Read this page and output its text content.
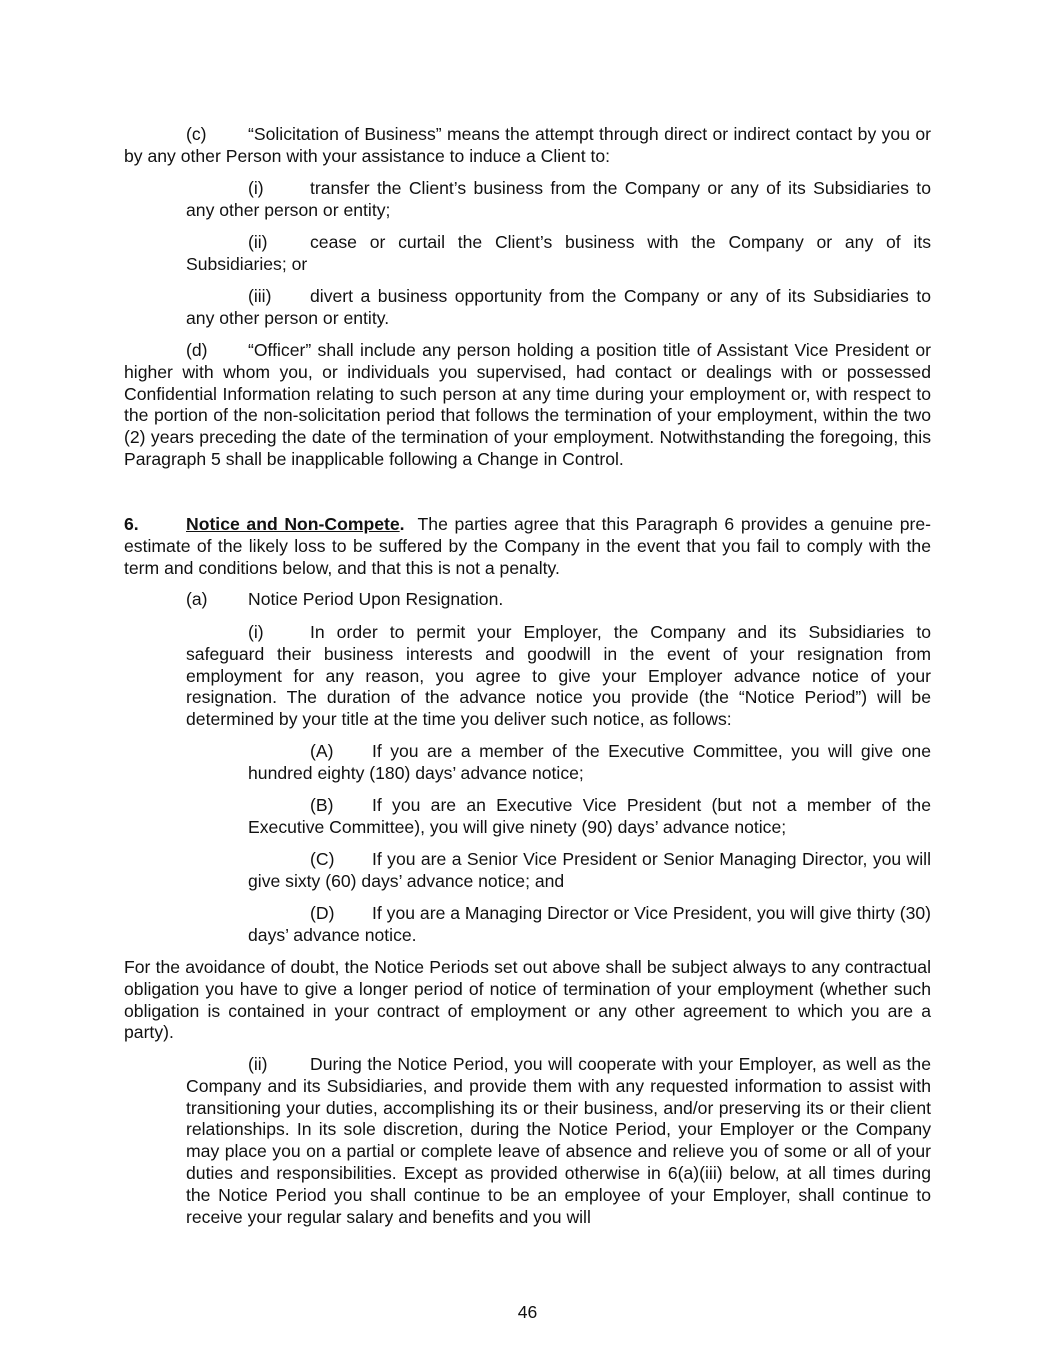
(c) “Solicitation of Business” means the attempt through direct or indirect contact by you or by any other Person with your assistance to induce a Client to:

(i)	transfer the Client’s business from the Company or any of its Subsidiaries to any other person or entity;

(ii) cease or curtail the Client’s business with the Company or any of its Subsidiaries; or

(iii) divert a business opportunity from the Company or any of its Subsidiaries to any other person or entity.

(d) “Officer” shall include any person holding a position title of Assistant Vice President or higher with whom you, or individuals you supervised, had contact or dealings with or possessed Confidential Information relating to such person at any time during your employment or, with respect to the portion of the non-solicitation period that follows the termination of your employment, within the two (2) years preceding the date of the termination of your employment. Notwithstanding the foregoing, this Paragraph 5 shall be inapplicable following a Change in Control.

6.	Notice and Non-Compete. The parties agree that this Paragraph 6 provides a genuine pre-estimate of the likely loss to be suffered by the Company in the event that you fail to comply with the term and conditions below, and that this is not a penalty.

(a) Notice Period Upon Resignation.

(i)	In order to permit your Employer, the Company and its Subsidiaries to safeguard their business interests and goodwill in the event of your resignation from employment for any reason, you agree to give your Employer advance notice of your resignation. The duration of the advance notice you provide (the “Notice Period”) will be determined by your title at the time you deliver such notice, as follows:

(A) If you are a member of the Executive Committee, you will give one hundred eighty (180) days’ advance notice;

(B) If you are an Executive Vice President (but not a member of the Executive Committee), you will give ninety (90) days’ advance notice;

(C) If you are a Senior Vice President or Senior Managing Director, you will give sixty (60) days’ advance notice; and

(D) If you are a Managing Director or Vice President, you will give thirty (30) days’ advance notice.

For the avoidance of doubt, the Notice Periods set out above shall be subject always to any contractual obligation you have to give a longer period of notice of termination of your employment (whether such obligation is contained in your contract of employment or any other agreement to which you are a party).

(ii) During the Notice Period, you will cooperate with your Employer, as well as the Company and its Subsidiaries, and provide them with any requested information to assist with transitioning your duties, accomplishing its or their business, and/or preserving its or their client relationships. In its sole discretion, during the Notice Period, your Employer or the Company may place you on a partial or complete leave of absence and relieve you of some or all of your duties and responsibilities. Except as provided otherwise in 6(a)(iii) below, at all times during the Notice Period you shall continue to be an employee of your Employer, shall continue to receive your regular salary and benefits and you will

46
